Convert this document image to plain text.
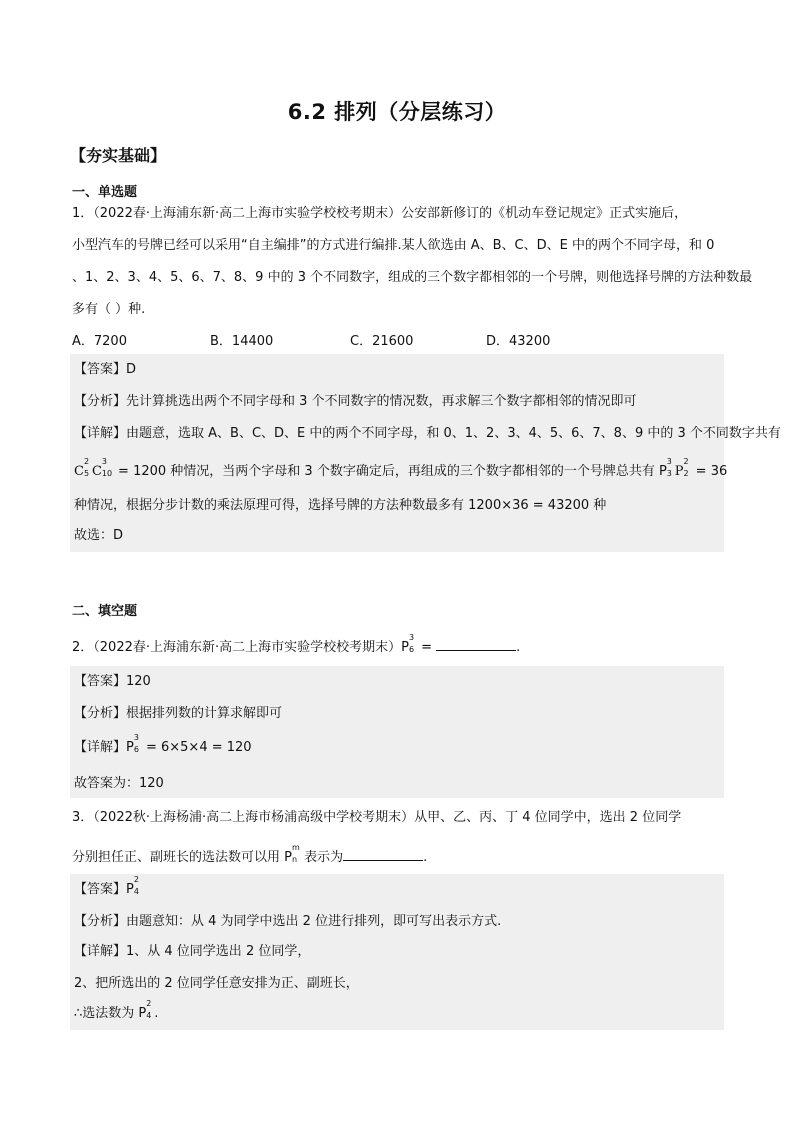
6.2 排列（分层练习）
【夯实基础】
一、单选题
1．（2022春·上海浦东新·高二上海市实验学校校考期末）公安部新修订的《机动车登记规定》正式实施后，
小型汽车的号牌已经可以采用“自主编排”的方式进行编排.某人欲选由 A、B、C、D、E 中的两个不同字母，和 0
、1、2、3、4、5、6、7、8、9 中的 3 个不同数字，组成的三个数字都相邻的一个号牌，则他选择号牌的方法种数最
多有（ ）种.
A．7200	B．14400	C．21600	D．43200
【答案】D
【分析】先计算挑选出两个不同字母和 3 个不同数字的情况数，再求解三个数字都相邻的情况即可
【详解】由题意，选取 A、B、C、D、E 中的两个不同字母，和 0、1、2、3、4、5、6、7、8、9 中的 3 个不同数字共有
C
2
5 C
3
10 = 1200 种情况，当两个字母和 3 个数字确定后，再组成的三个数字都相邻的一个号牌总共有 P
3
3 P
2
2 = 36
种情况，根据分步计数的乘法原理可得，选择号牌的方法种数最多有 1200×36 = 43200 种
故选：D
二、填空题
2．（2022春·上海浦东新·高二上海市实验学校校考期末）P
3
6 =	.
【答案】120
【分析】根据排列数的计算求解即可
【详解】P
3
6 = 6×5×4 = 120
故答案为：120
3．（2022秋·上海杨浦·高二上海市杨浦高级中学校考期末）从甲、乙、丙、丁 4 位同学中，选出 2 位同学
分别担任正、副班长的选法数可以用 P
m
n 表示为	.
【答案】P
2
4
【分析】由题意知：从 4 为同学中选出 2 位进行排列，即可写出表示方式.
【详解】1、从 4 位同学选出 2 位同学，
2、把所选出的 2 位同学任意安排为正、副班长，
∴选法数为 P
2
4 .
